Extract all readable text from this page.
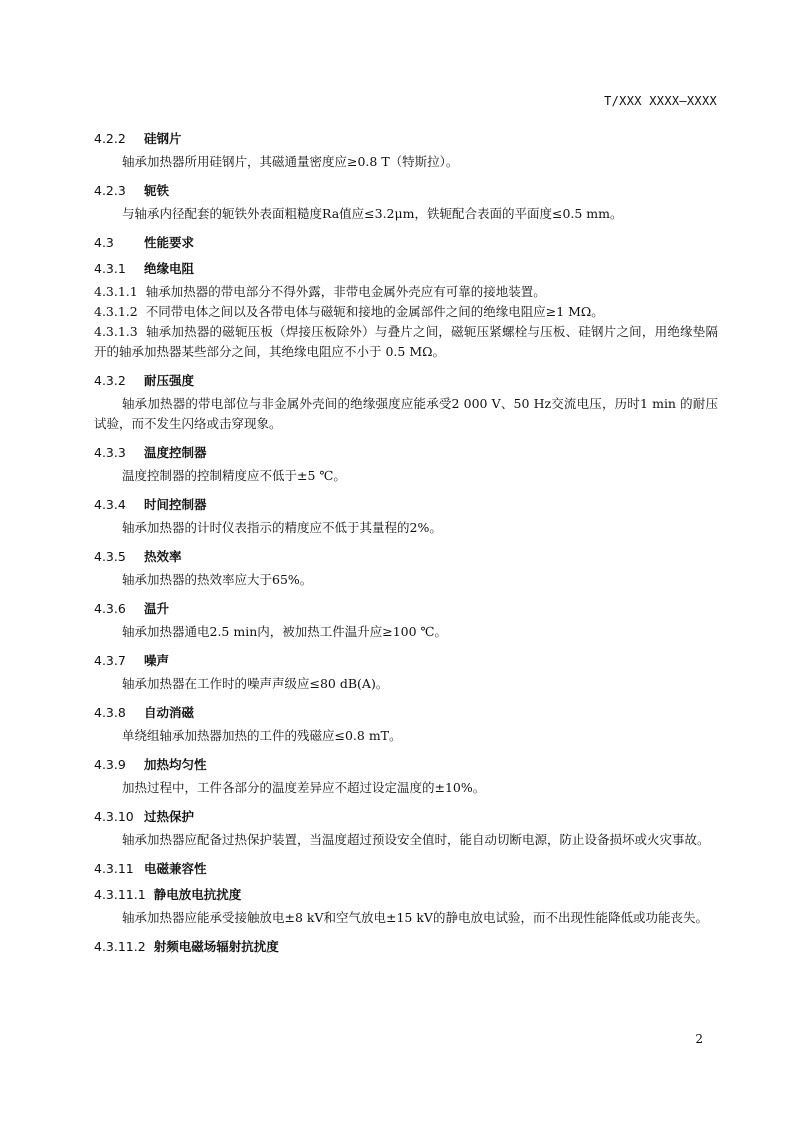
T/XXX XXXX—XXXX
4.2.2 硅钢片
轴承加热器所用硅钢片，其磁通量密度应≥0.8 T（特斯拉）。
4.2.3 轭铁
与轴承内径配套的轭铁外表面粗糙度Ra值应≤3.2μm，铁轭配合表面的平面度≤0.5 mm。
4.3 性能要求
4.3.1 绝缘电阻
4.3.1.1 轴承加热器的带电部分不得外露，非带电金属外壳应有可靠的接地装置。
4.3.1.2 不同带电体之间以及各带电体与磁轭和接地的金属部件之间的绝缘电阻应≥1 MΩ。
4.3.1.3 轴承加热器的磁轭压板（焊接压板除外）与叠片之间，磁轭压紧螺栓与压板、硅钢片之间，用绝缘垫隔开的轴承加热器某些部分之间，其绝缘电阻应不小于 0.5 MΩ。
4.3.2 耐压强度
轴承加热器的带电部位与非金属外壳间的绝缘强度应能承受2 000 V、50 Hz交流电压，历时1 min 的耐压试验，而不发生闪络或击穿现象。
4.3.3 温度控制器
温度控制器的控制精度应不低于±5 ℃。
4.3.4 时间控制器
轴承加热器的计时仪表指示的精度应不低于其量程的2%。
4.3.5 热效率
轴承加热器的热效率应大于65%。
4.3.6 温升
轴承加热器通电2.5 min内，被加热工件温升应≥100 ℃。
4.3.7 噪声
轴承加热器在工作时的噪声声级应≤80 dB(A)。
4.3.8 自动消磁
单绕组轴承加热器加热的工件的残磁应≤0.8 mT。
4.3.9 加热均匀性
加热过程中，工件各部分的温度差异应不超过设定温度的±10%。
4.3.10 过热保护
轴承加热器应配备过热保护装置，当温度超过预设安全值时，能自动切断电源，防止设备损坏或火灾事故。
4.3.11 电磁兼容性
4.3.11.1 静电放电抗扰度
轴承加热器应能承受接触放电±8 kV和空气放电±15 kV的静电放电试验，而不出现性能降低或功能丧失。
4.3.11.2 射频电磁场辐射抗扰度
2
